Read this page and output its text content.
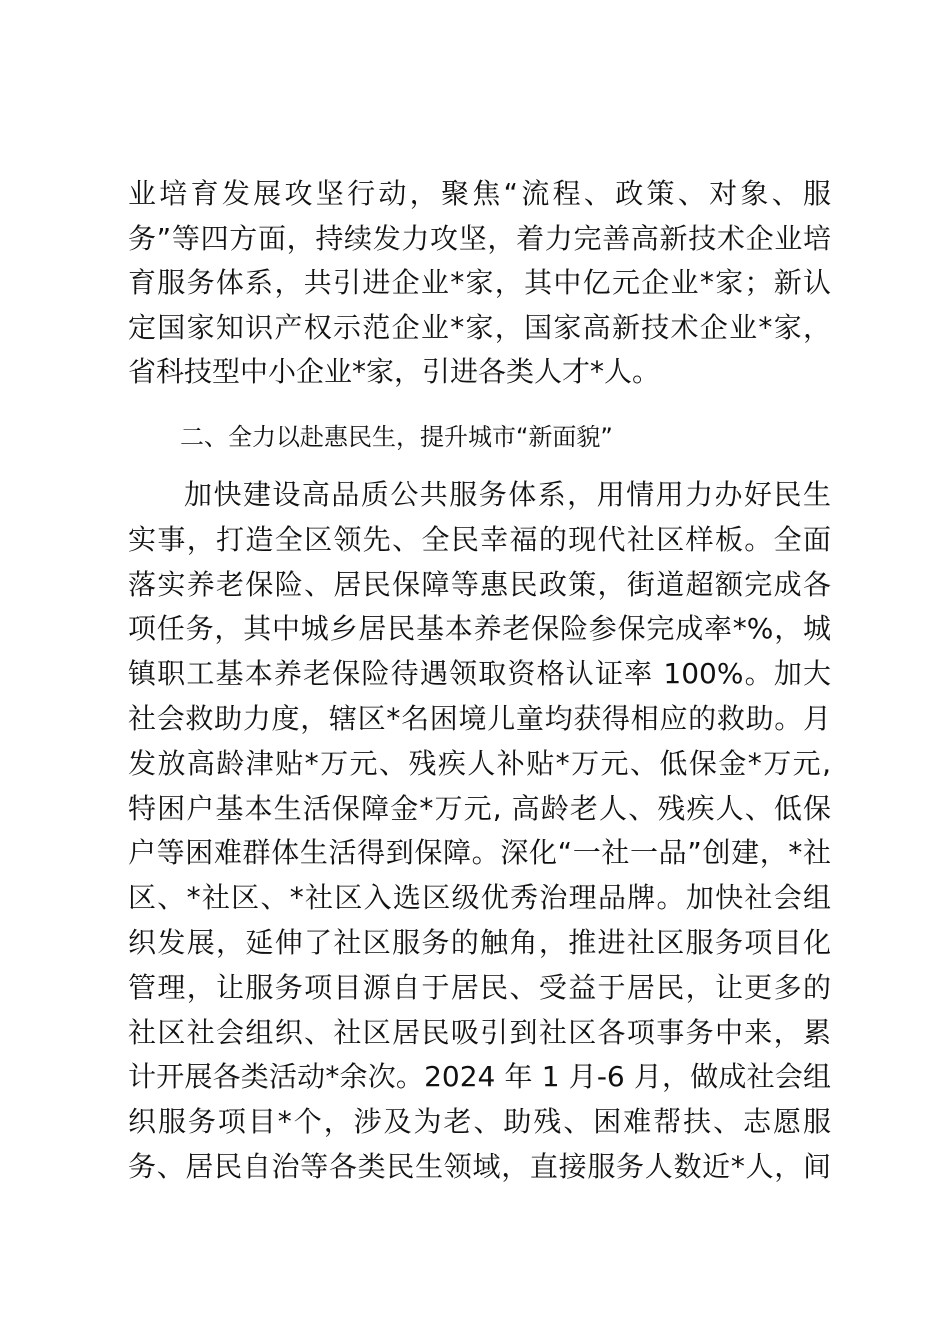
业培育发展攻坚行动，聚焦“流程、政策、对象、服
务”等四方面，持续发力攻坚，着力完善高新技术企业培
育服务体系，共引进企业*家，其中亿元企业*家；新认
定国家知识产权示范企业*家，国家高新技术企业*家，
省科技型中小企业*家，引进各类人才*人。
二、全力以赴惠民生，提升城市“新面貌”
加快建设高品质公共服务体系，用情用力办好民生
实事，打造全区领先、全民幸福的现代社区样板。全面
落实养老保险、居民保障等惠民政策，街道超额完成各
项任务，其中城乡居民基本养老保险参保完成率*%，城
镇职工基本养老保险待遇领取资格认证率 100%。加大
社会救助力度，辖区*名困境儿童均获得相应的救助。月
发放高龄津贴*万元、残疾人补贴*万元、低保金*万元,
特困户基本生活保障金*万元, 高龄老人、残疾人、低保
户等困难群体生活得到保障。深化“一社一品”创建，*社
区、*社区、*社区入选区级优秀治理品牌。加快社会组
织发展，延伸了社区服务的触角，推进社区服务项目化
管理，让服务项目源自于居民、受益于居民，让更多的
社区社会组织、社区居民吸引到社区各项事务中来，累
计开展各类活动*余次。2024 年 1 月-6 月，做成社会组
织服务项目*个，涉及为老、助残、困难帮扶、志愿服
务、居民自治等各类民生领域，直接服务人数近*人，间
